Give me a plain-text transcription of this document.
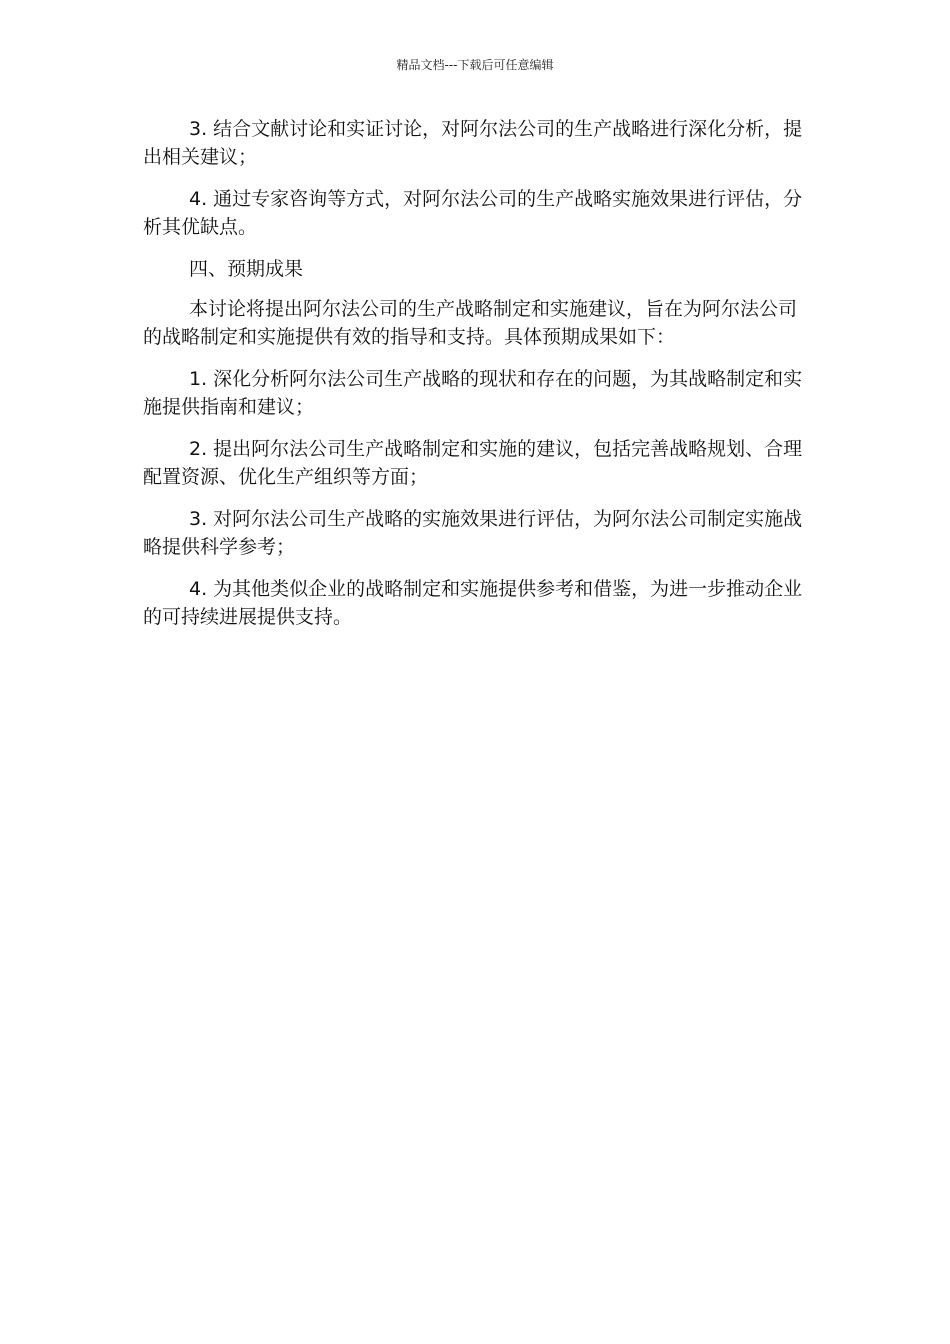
精品文档---下载后可任意编辑

3. 结合文献讨论和实证讨论，对阿尔法公司的生产战略进行深化分析，提出相关建议；

4. 通过专家咨询等方式，对阿尔法公司的生产战略实施效果进行评估，分析其优缺点。

四、预期成果

本讨论将提出阿尔法公司的生产战略制定和实施建议，旨在为阿尔法公司的战略制定和实施提供有效的指导和支持。具体预期成果如下：

1. 深化分析阿尔法公司生产战略的现状和存在的问题，为其战略制定和实施提供指南和建议；

2. 提出阿尔法公司生产战略制定和实施的建议，包括完善战略规划、合理配置资源、优化生产组织等方面；

3. 对阿尔法公司生产战略的实施效果进行评估，为阿尔法公司制定实施战略提供科学参考；

4. 为其他类似企业的战略制定和实施提供参考和借鉴，为进一步推动企业的可持续进展提供支持。
